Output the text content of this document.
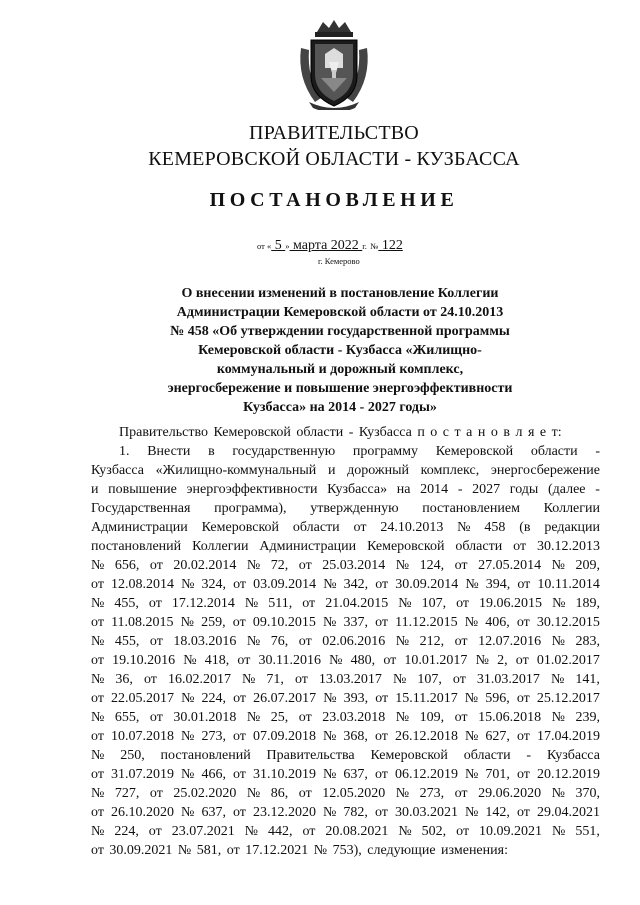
ПРАВИТЕЛЬСТВО
КЕМЕРОВСКОЙ ОБЛАСТИ - КУЗБАССА
ПОСТАНОВЛЕНИЕ
от « 5 » марта 2022 г. № 122
г. Кемерово
О внесении изменений в постановление Коллегии
Администрации Кемеровской области от 24.10.2013
№ 458 «Об утверждении государственной программы
Кемеровской области - Кузбасса «Жилищно-
коммунальный и дорожный комплекс,
энергосбережение и повышение энергоэффективности
Кузбасса» на 2014 - 2027 годы»
Правительство Кемеровской области - Кузбасса п о с т а н о в л я е т:
1. Внести в государственную программу Кемеровской области -
Кузбасса «Жилищно-коммунальный и дорожный комплекс, энергосбережение
и повышение энергоэффективности Кузбасса» на 2014 - 2027 годы (далее -
Государственная программа), утвержденную постановлением Коллегии
Администрации Кемеровской области от 24.10.2013 № 458 (в редакции
постановлений Коллегии Администрации Кемеровской области от 30.12.2013
№ 656, от 20.02.2014 № 72, от 25.03.2014 № 124, от 27.05.2014 № 209,
от 12.08.2014 № 324, от 03.09.2014 № 342, от 30.09.2014 № 394, от 10.11.2014
№ 455, от 17.12.2014 № 511, от 21.04.2015 № 107, от 19.06.2015 № 189,
от 11.08.2015 № 259, от 09.10.2015 № 337, от 11.12.2015 № 406, от 30.12.2015
№ 455, от 18.03.2016 № 76, от 02.06.2016 № 212, от 12.07.2016 № 283,
от 19.10.2016 № 418, от 30.11.2016 № 480, от 10.01.2017 № 2, от 01.02.2017
№ 36, от 16.02.2017 № 71, от 13.03.2017 № 107, от 31.03.2017 № 141,
от 22.05.2017 № 224, от 26.07.2017 № 393, от 15.11.2017 № 596, от 25.12.2017
№ 655, от 30.01.2018 № 25, от 23.03.2018 № 109, от 15.06.2018 № 239,
от 10.07.2018 № 273, от 07.09.2018 № 368, от 26.12.2018 № 627, от 17.04.2019
№ 250, постановлений Правительства Кемеровской области - Кузбасса
от 31.07.2019 № 466, от 31.10.2019 № 637, от 06.12.2019 № 701, от 20.12.2019
№ 727, от 25.02.2020 № 86, от 12.05.2020 № 273, от 29.06.2020 № 370,
от 26.10.2020 № 637, от 23.12.2020 № 782, от 30.03.2021 № 142, от 29.04.2021
№ 224, от 23.07.2021 № 442, от 20.08.2021 № 502, от 10.09.2021 № 551,
от 30.09.2021 № 581, от 17.12.2021 № 753), следующие изменения:
